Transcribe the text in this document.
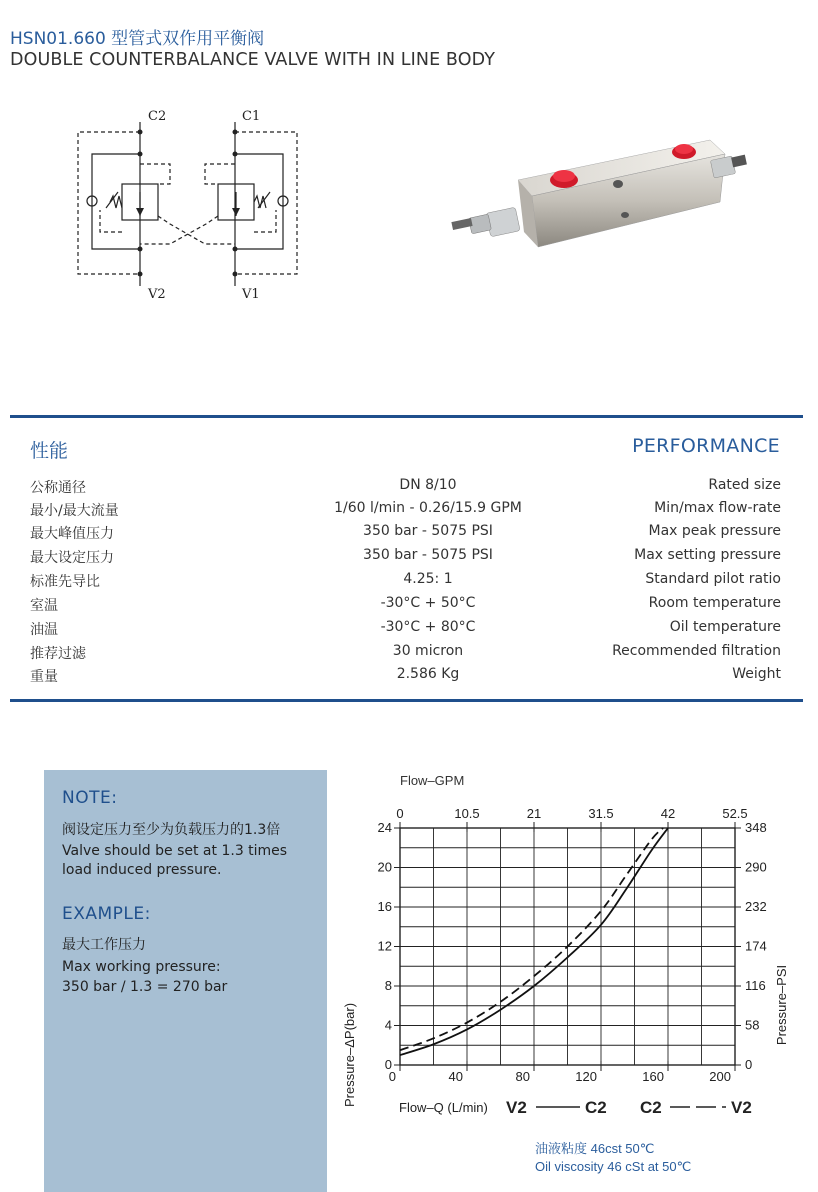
HSN01.660 型管式双作用平衡阀
DOUBLE COUNTERBALANCE VALVE WITH IN LINE BODY
C2	C1
V2	V1
性能	PERFORMANCE
公称通径	DN 8/10	Rated size
最小/最大流量	1/60 l/min - 0.26/15.9 GPM	Min/max flow-rate
最大峰值压力	350 bar - 5075 PSI	Max peak pressure
最大设定压力	350 bar - 5075 PSI	Max setting pressure
标准先导比	4.25: 1	Standard pilot ratio
室温	-30°C + 50°C	Room temperature
油温	-30°C + 80°C	Oil temperature
推荐过滤	30 micron	Recommended filtration
重量	2.586 Kg	Weight
NOTE:
阀设定压力至少为负载压力的1.3倍
Valve should be set at 1.3 times
load induced pressure.
EXAMPLE:
最大工作压力
Max working pressure:
350 bar / 1.3 = 270 bar
Flow–GPM
0	40	80	120	160	200
0	10.5	21	31.5	42	52.5
0
4
8
12
16
20
24
0
58
116
174
232
290
348
Pressure–ΔP(bar)	Pressure–PSI
Flow–Q (L/min) V2	C2 C2	V2
油液粘度 46cst 50℃
Oil viscosity 46 cSt at 50℃
